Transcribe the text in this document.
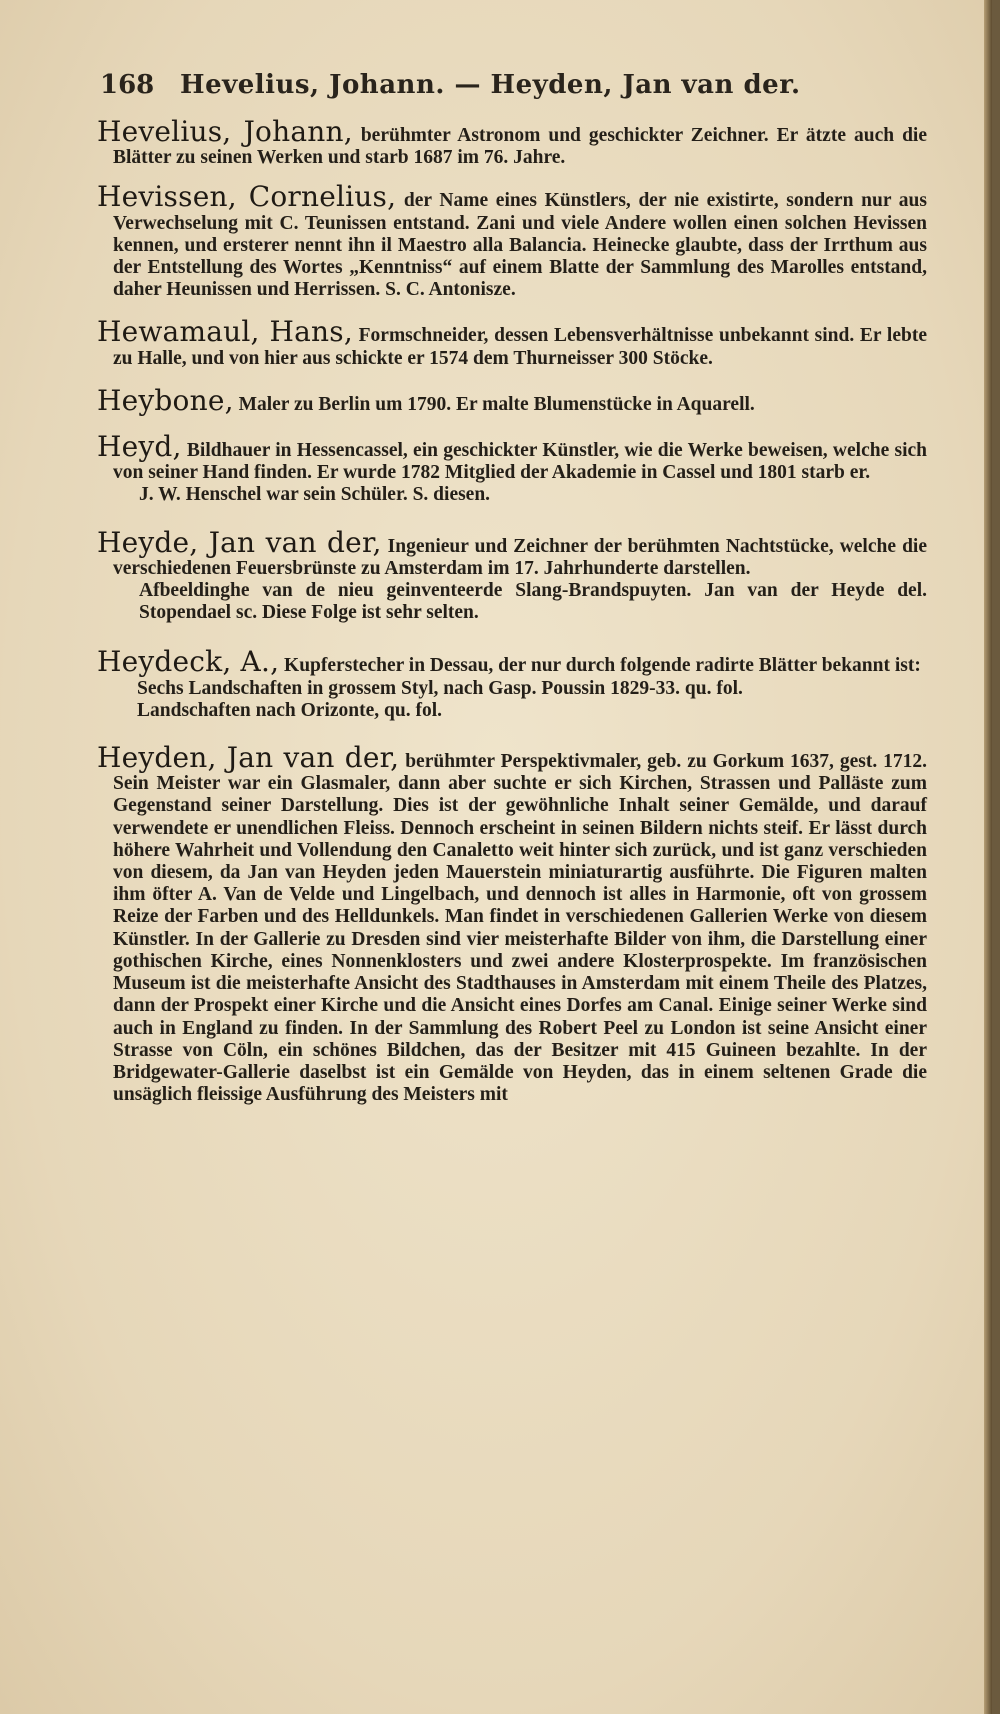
168 Hevelius, Johann. — Heyden, Jan van der.
Hevelius, Johann, berühmter Astronom und geschickter Zeichner. Er ätzte auch die Blätter zu seinen Werken und starb 1687 im 76. Jahre.
Hevissen, Cornelius, der Name eines Künstlers, der nie existirte, sondern nur aus Verwechselung mit C. Teunissen entstand. Zani und viele Andere wollen einen solchen Hevissen kennen, und ersterer nennt ihn il Maestro alla Balancia. Heinecke glaubte, dass der Irrthum aus der Entstellung des Wortes „Kenntniss“ auf einem Blatte der Sammlung des Marolles entstand, daher Heunissen und Herrissen. S. C. Antonisze.
Hewamaul, Hans, Formschneider, dessen Lebensverhältnisse unbekannt sind. Er lebte zu Halle, und von hier aus schickte er 1574 dem Thurneisser 300 Stöcke.
Heybone, Maler zu Berlin um 1790. Er malte Blumenstücke in Aquarell.
Heyd, Bildhauer in Hessencassel, ein geschickter Künstler, wie die Werke beweisen, welche sich von seiner Hand finden. Er wurde 1782 Mitglied der Akademie in Cassel und 1801 starb er.
J. W. Henschel war sein Schüler. S. diesen.
Heyde, Jan van der, Ingenieur und Zeichner der berühmten Nachtstücke, welche die verschiedenen Feuersbrünste zu Amsterdam im 17. Jahrhunderte darstellen.
Afbeeldinghe van de nieu geinventeerde Slang-Brandspuyten. Jan van der Heyde del. Stopendael sc. Diese Folge ist sehr selten.
Heydeck, A., Kupferstecher in Dessau, der nur durch folgende radirte Blätter bekannt ist:
Sechs Landschaften in grossem Styl, nach Gasp. Poussin 1829-33. qu. fol.
Landschaften nach Orizonte, qu. fol.
Heyden, Jan van der, berühmter Perspektivmaler, geb. zu Gorkum 1637, gest. 1712. Sein Meister war ein Glasmaler, dann aber suchte er sich Kirchen, Strassen und Palläste zum Gegenstand seiner Darstellung. Dies ist der gewöhnliche Inhalt seiner Gemälde, und darauf verwendete er unendlichen Fleiss. Dennoch erscheint in seinen Bildern nichts steif. Er lässt durch höhere Wahrheit und Vollendung den Canaletto weit hinter sich zurück, und ist ganz verschieden von diesem, da Jan van Heyden jeden Mauerstein miniaturartig ausführte. Die Figuren malten ihm öfter A. Van de Velde und Lingelbach, und dennoch ist alles in Harmonie, oft von grossem Reize der Farben und des Helldunkels. Man findet in verschiedenen Gallerien Werke von diesem Künstler. In der Gallerie zu Dresden sind vier meisterhafte Bilder von ihm, die Darstellung einer gothischen Kirche, eines Nonnenklosters und zwei andere Klosterprospekte. Im französischen Museum ist die meisterhafte Ansicht des Stadthauses in Amsterdam mit einem Theile des Platzes, dann der Prospekt einer Kirche und die Ansicht eines Dorfes am Canal. Einige seiner Werke sind auch in England zu finden. In der Sammlung des Robert Peel zu London ist seine Ansicht einer Strasse von Cöln, ein schönes Bildchen, das der Besitzer mit 415 Guineen bezahlte. In der Bridgewater-Gallerie daselbst ist ein Gemälde von Heyden, das in einem seltenen Grade die unsäglich fleissige Ausführung des Meisters mit
